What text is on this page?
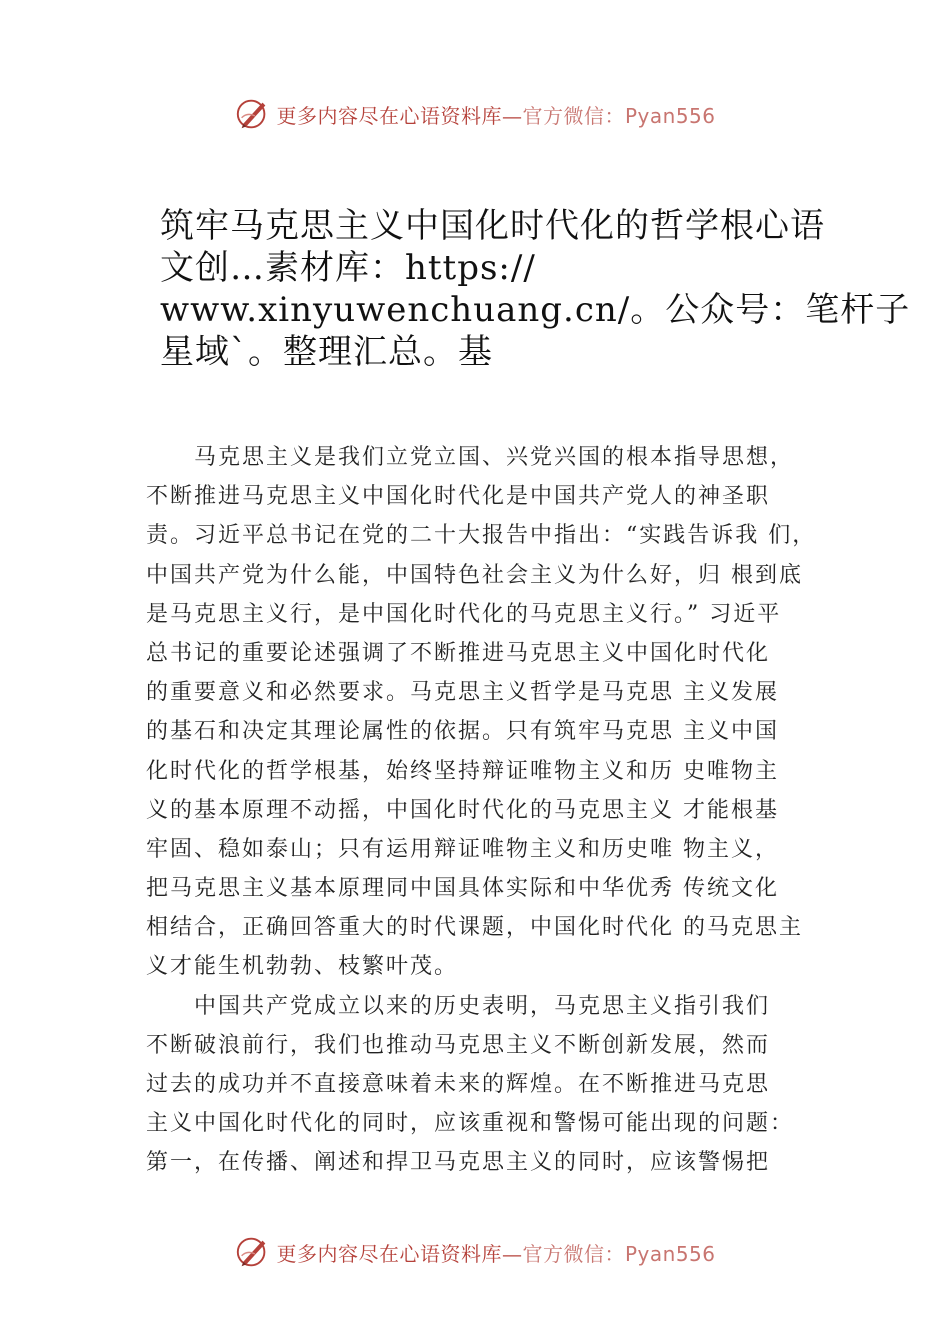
更多内容尽在心语资料库—官方微信：Pyan556
筑牢马克思主义中国化时代化的哲学根心语
文创…素材库：https://
www.xinyuwenchuang.cn/。公众号：笔杆子
星域`。整理汇总。基
　　马克思主义是我们立党立国、兴党兴国的根本指导思想，
不断推进马克思主义中国化时代化是中国共产党人的神圣职
责。习近平总书记在党的二十大报告中指出：“实践告诉我 们，
中国共产党为什么能，中国特色社会主义为什么好，归 根到底
是马克思主义行，是中国化时代化的马克思主义行。” 习近平
总书记的重要论述强调了不断推进马克思主义中国化时代化
的重要意义和必然要求。马克思主义哲学是马克思 主义发展
的基石和决定其理论属性的依据。只有筑牢马克思 主义中国
化时代化的哲学根基，始终坚持辩证唯物主义和历 史唯物主
义的基本原理不动摇，中国化时代化的马克思主义 才能根基
牢固、稳如泰山；只有运用辩证唯物主义和历史唯 物主义，
把马克思主义基本原理同中国具体实际和中华优秀 传统文化
相结合，正确回答重大的时代课题，中国化时代化 的马克思主
义才能生机勃勃、枝繁叶茂。
　　中国共产党成立以来的历史表明，马克思主义指引我们
不断破浪前行，我们也推动马克思主义不断创新发展，然而
过去的成功并不直接意味着未来的辉煌。在不断推进马克思
主义中国化时代化的同时，应该重视和警惕可能出现的问题：
第一，在传播、阐述和捍卫马克思主义的同时，应该警惕把
更多内容尽在心语资料库—官方微信：Pyan556
